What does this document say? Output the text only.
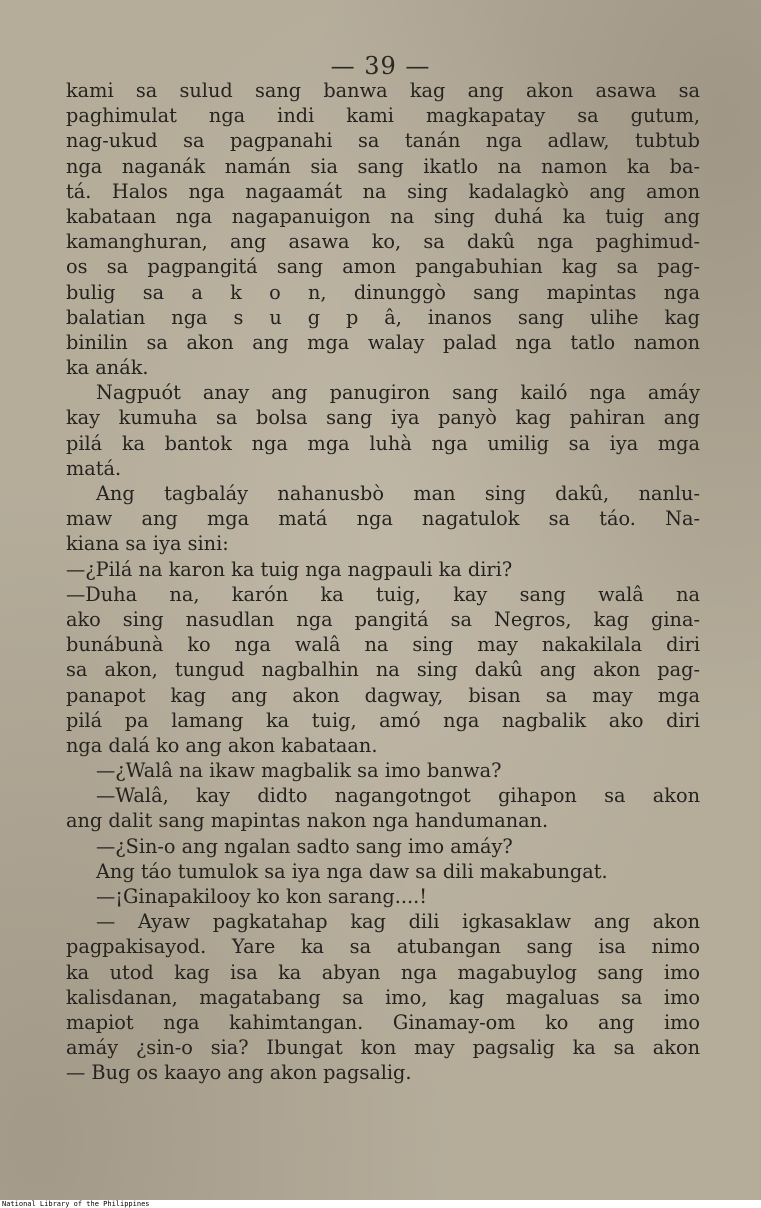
— 39 —
kami sa sulud sang banwa kag ang akon asawa sa
paghimulat nga indi kami magkapatay sa gutum,
nag-ukud sa pagpanahi sa tanán nga adlaw, tubtub
nga naganák namán sia sang ikatlo na namon ka ba-
tá. Halos nga nagaamát na sing kadalagkò ang amon
kabataan nga nagapanuigon na sing duhá ka tuig ang
kamanghuran, ang asawa ko, sa dakû nga paghimud-
os sa pagpangitá sang amon pangabuhian kag sa pag-
bulig sa a k o n, dinunggò sang mapintas nga
balatian nga s u g p â, inanos sang ulihe kag
binilin sa akon ang mga walay palad nga tatlo namon
ka anák.
Nagpuót anay ang panugiron sang kailó nga amáy
kay kumuha sa bolsa sang iya panyò kag pahiran ang
pilá ka bantok nga mga luhà nga umilig sa iya mga
matá.
Ang tagbaláy nahanusbò man sing dakû, nanlu-
maw ang mga matá nga nagatulok sa táo. Na-
kiana sa iya sini:
—¿Pilá na karon ka tuig nga nagpauli ka diri?
—Duha na, karón ka tuig, kay sang walâ na
ako sing nasudlan nga pangitá sa Negros, kag gina-
bunábunà ko nga walâ na sing may nakakilala diri
sa akon, tungud nagbalhin na sing dakû ang akon pag-
panapot kag ang akon dagway, bisan sa may mga
pilá pa lamang ka tuig, amó nga nagbalik ako diri
nga dalá ko ang akon kabataan.
—¿Walâ na ikaw magbalik sa imo banwa?
—Walâ, kay didto nagangotngot gihapon sa akon
ang dalit sang mapintas nakon nga handumanan.
—¿Sin-o ang ngalan sadto sang imo amáy?
Ang táo tumulok sa iya nga daw sa dili makabungat.
—¡Ginapakilooy ko kon sarang....!
— Ayaw pagkatahap kag dili igkasaklaw ang akon
pagpakisayod. Yare ka sa atubangan sang isa nimo
ka utod kag isa ka abyan nga magabuylog sang imo
kalisdanan, magatabang sa imo, kag magaluas sa imo
mapiot nga kahimtangan. Ginamay-om ko ang imo
amáy ¿sin-o sia? Ibungat kon may pagsalig ka sa akon
— Bug os kaayo ang akon pagsalig.
National Library of the Philippines
